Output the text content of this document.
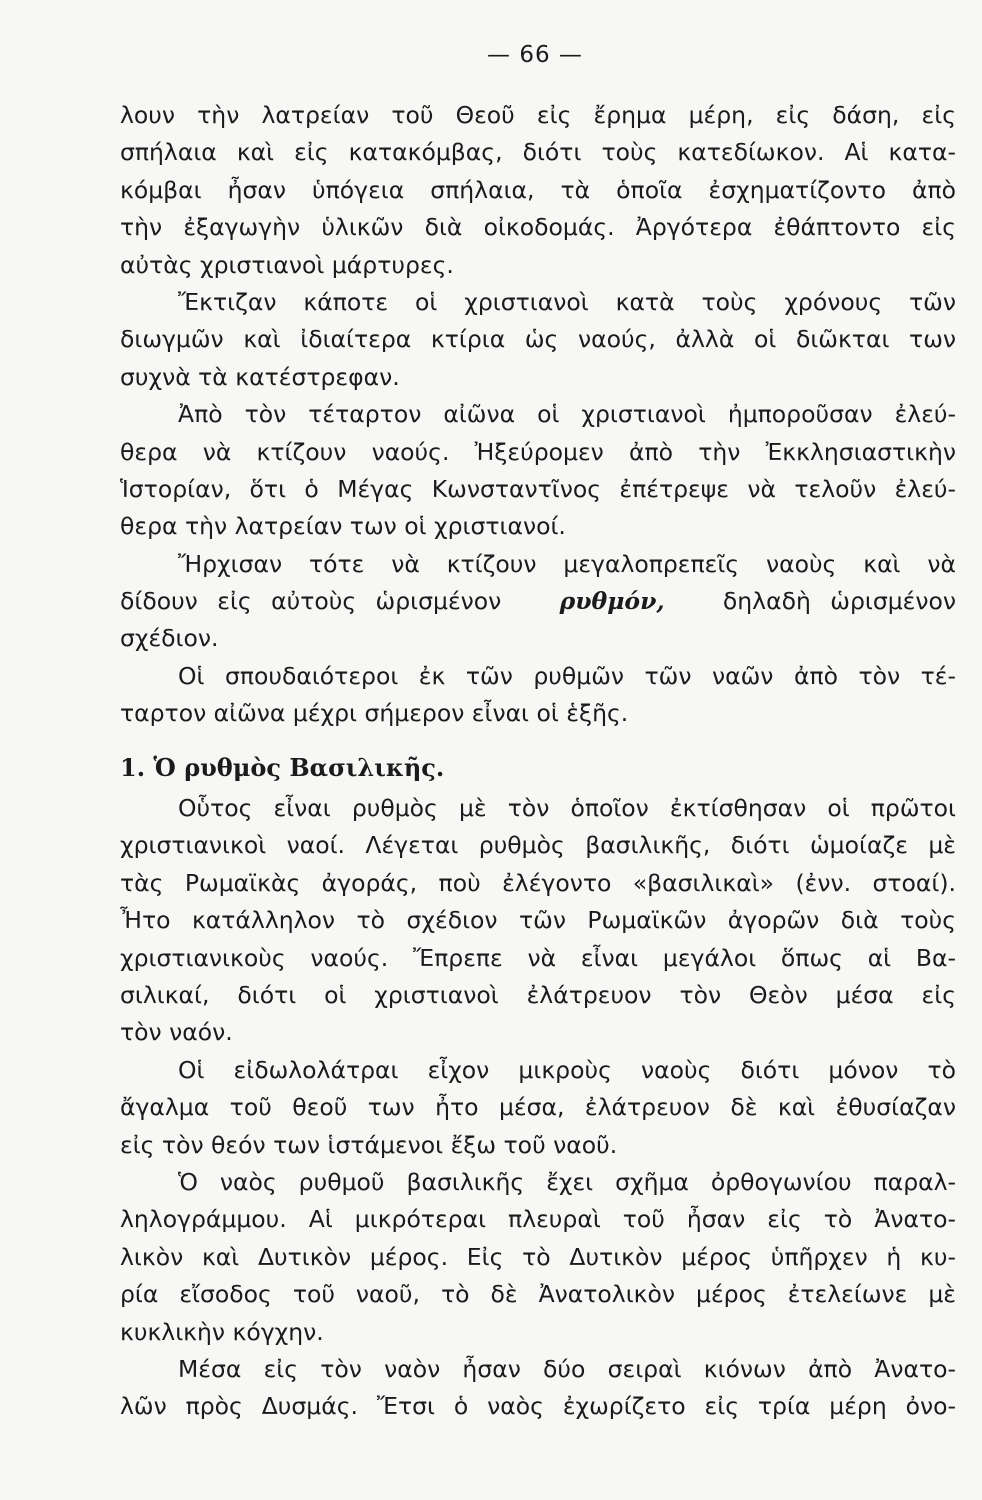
— 66 —
λουν τὴν λατρείαν τοῦ Θεοῦ εἰς ἔρημα μέρη, εἰς δάση, εἰς
σπήλαια καὶ εἰς κατακόμβας, διότι τοὺς κατεδίωκον. Αἱ κατα-
κόμβαι ἦσαν ὑπόγεια σπήλαια, τὰ ὁποῖα ἐσχηματίζοντο ἀπὸ
τὴν ἐξαγωγὴν ὑλικῶν διὰ οἰκοδομάς. Ἀργότερα ἐθάπτοντο εἰς
αὐτὰς χριστιανοὶ μάρτυρες.
Ἔκτιζαν κάποτε οἱ χριστιανοὶ κατὰ τοὺς χρόνους τῶν
διωγμῶν καὶ ἰδιαίτερα κτίρια ὡς ναούς, ἀλλὰ οἱ διῶκται των
συχνὰ τὰ κατέστρεφαν.
Ἀπὸ τὸν τέταρτον αἰῶνα οἱ χριστιανοὶ ἠμποροῦσαν ἐλεύ-
θερα νὰ κτίζουν ναούς. Ἠξεύρομεν ἀπὸ τὴν Ἐκκλησιαστικὴν
Ἱστορίαν, ὅτι ὁ Μέγας Κωνσταντῖνος ἐπέτρεψε νὰ τελοῦν ἐλεύ-
θερα τὴν λατρείαν των οἱ χριστιανοί.
Ἤρχισαν τότε νὰ κτίζουν μεγαλοπρεπεῖς ναοὺς καὶ νὰ
δίδουν εἰς αὐτοὺς ὡρισμένον ρυθμόν, δηλαδὴ ὡρισμένον
σχέδιον.
Οἱ σπουδαιότεροι ἐκ τῶν ρυθμῶν τῶν ναῶν ἀπὸ τὸν τέ-
ταρτον αἰῶνα μέχρι σήμερον εἶναι οἱ ἑξῆς.
1. Ὁ ρυθμὸς Βασιλικῆς.
Οὗτος εἶναι ρυθμὸς μὲ τὸν ὁποῖον ἐκτίσθησαν οἱ πρῶτοι
χριστιανικοὶ ναοί. Λέγεται ρυθμὸς βασιλικῆς, διότι ὡμοίαζε μὲ
τὰς Ρωμαϊκὰς ἀγοράς, ποὺ ἐλέγοντο «βασιλικαὶ» (ἐνν. στοαί).
Ἦτο κατάλληλον τὸ σχέδιον τῶν Ρωμαϊκῶν ἀγορῶν διὰ τοὺς
χριστιανικοὺς ναούς. Ἔπρεπε νὰ εἶναι μεγάλοι ὅπως αἱ Βα-
σιλικαί, διότι οἱ χριστιανοὶ ἐλάτρευον τὸν Θεὸν μέσα εἰς
τὸν ναόν.
Οἱ εἰδωλολάτραι εἶχον μικροὺς ναοὺς διότι μόνον τὸ
ἄγαλμα τοῦ θεοῦ των ἦτο μέσα, ἐλάτρευον δὲ καὶ ἐθυσίαζαν
εἰς τὸν θεόν των ἱστάμενοι ἔξω τοῦ ναοῦ.
Ὁ ναὸς ρυθμοῦ βασιλικῆς ἔχει σχῆμα ὀρθογωνίου παραλ-
ληλογράμμου. Αἱ μικρότεραι πλευραὶ τοῦ ἦσαν εἰς τὸ Ἀνατο-
λικὸν καὶ Δυτικὸν μέρος. Εἰς τὸ Δυτικὸν μέρος ὑπῆρχεν ἡ κυ-
ρία εἴσοδος τοῦ ναοῦ, τὸ δὲ Ἀνατολικὸν μέρος ἐτελείωνε μὲ
κυκλικὴν κόγχην.
Μέσα εἰς τὸν ναὸν ἦσαν δύο σειραὶ κιόνων ἀπὸ Ἀνατο-
λῶν πρὸς Δυσμάς. Ἔτσι ὁ ναὸς ἐχωρίζετο εἰς τρία μέρη ὀνο-
